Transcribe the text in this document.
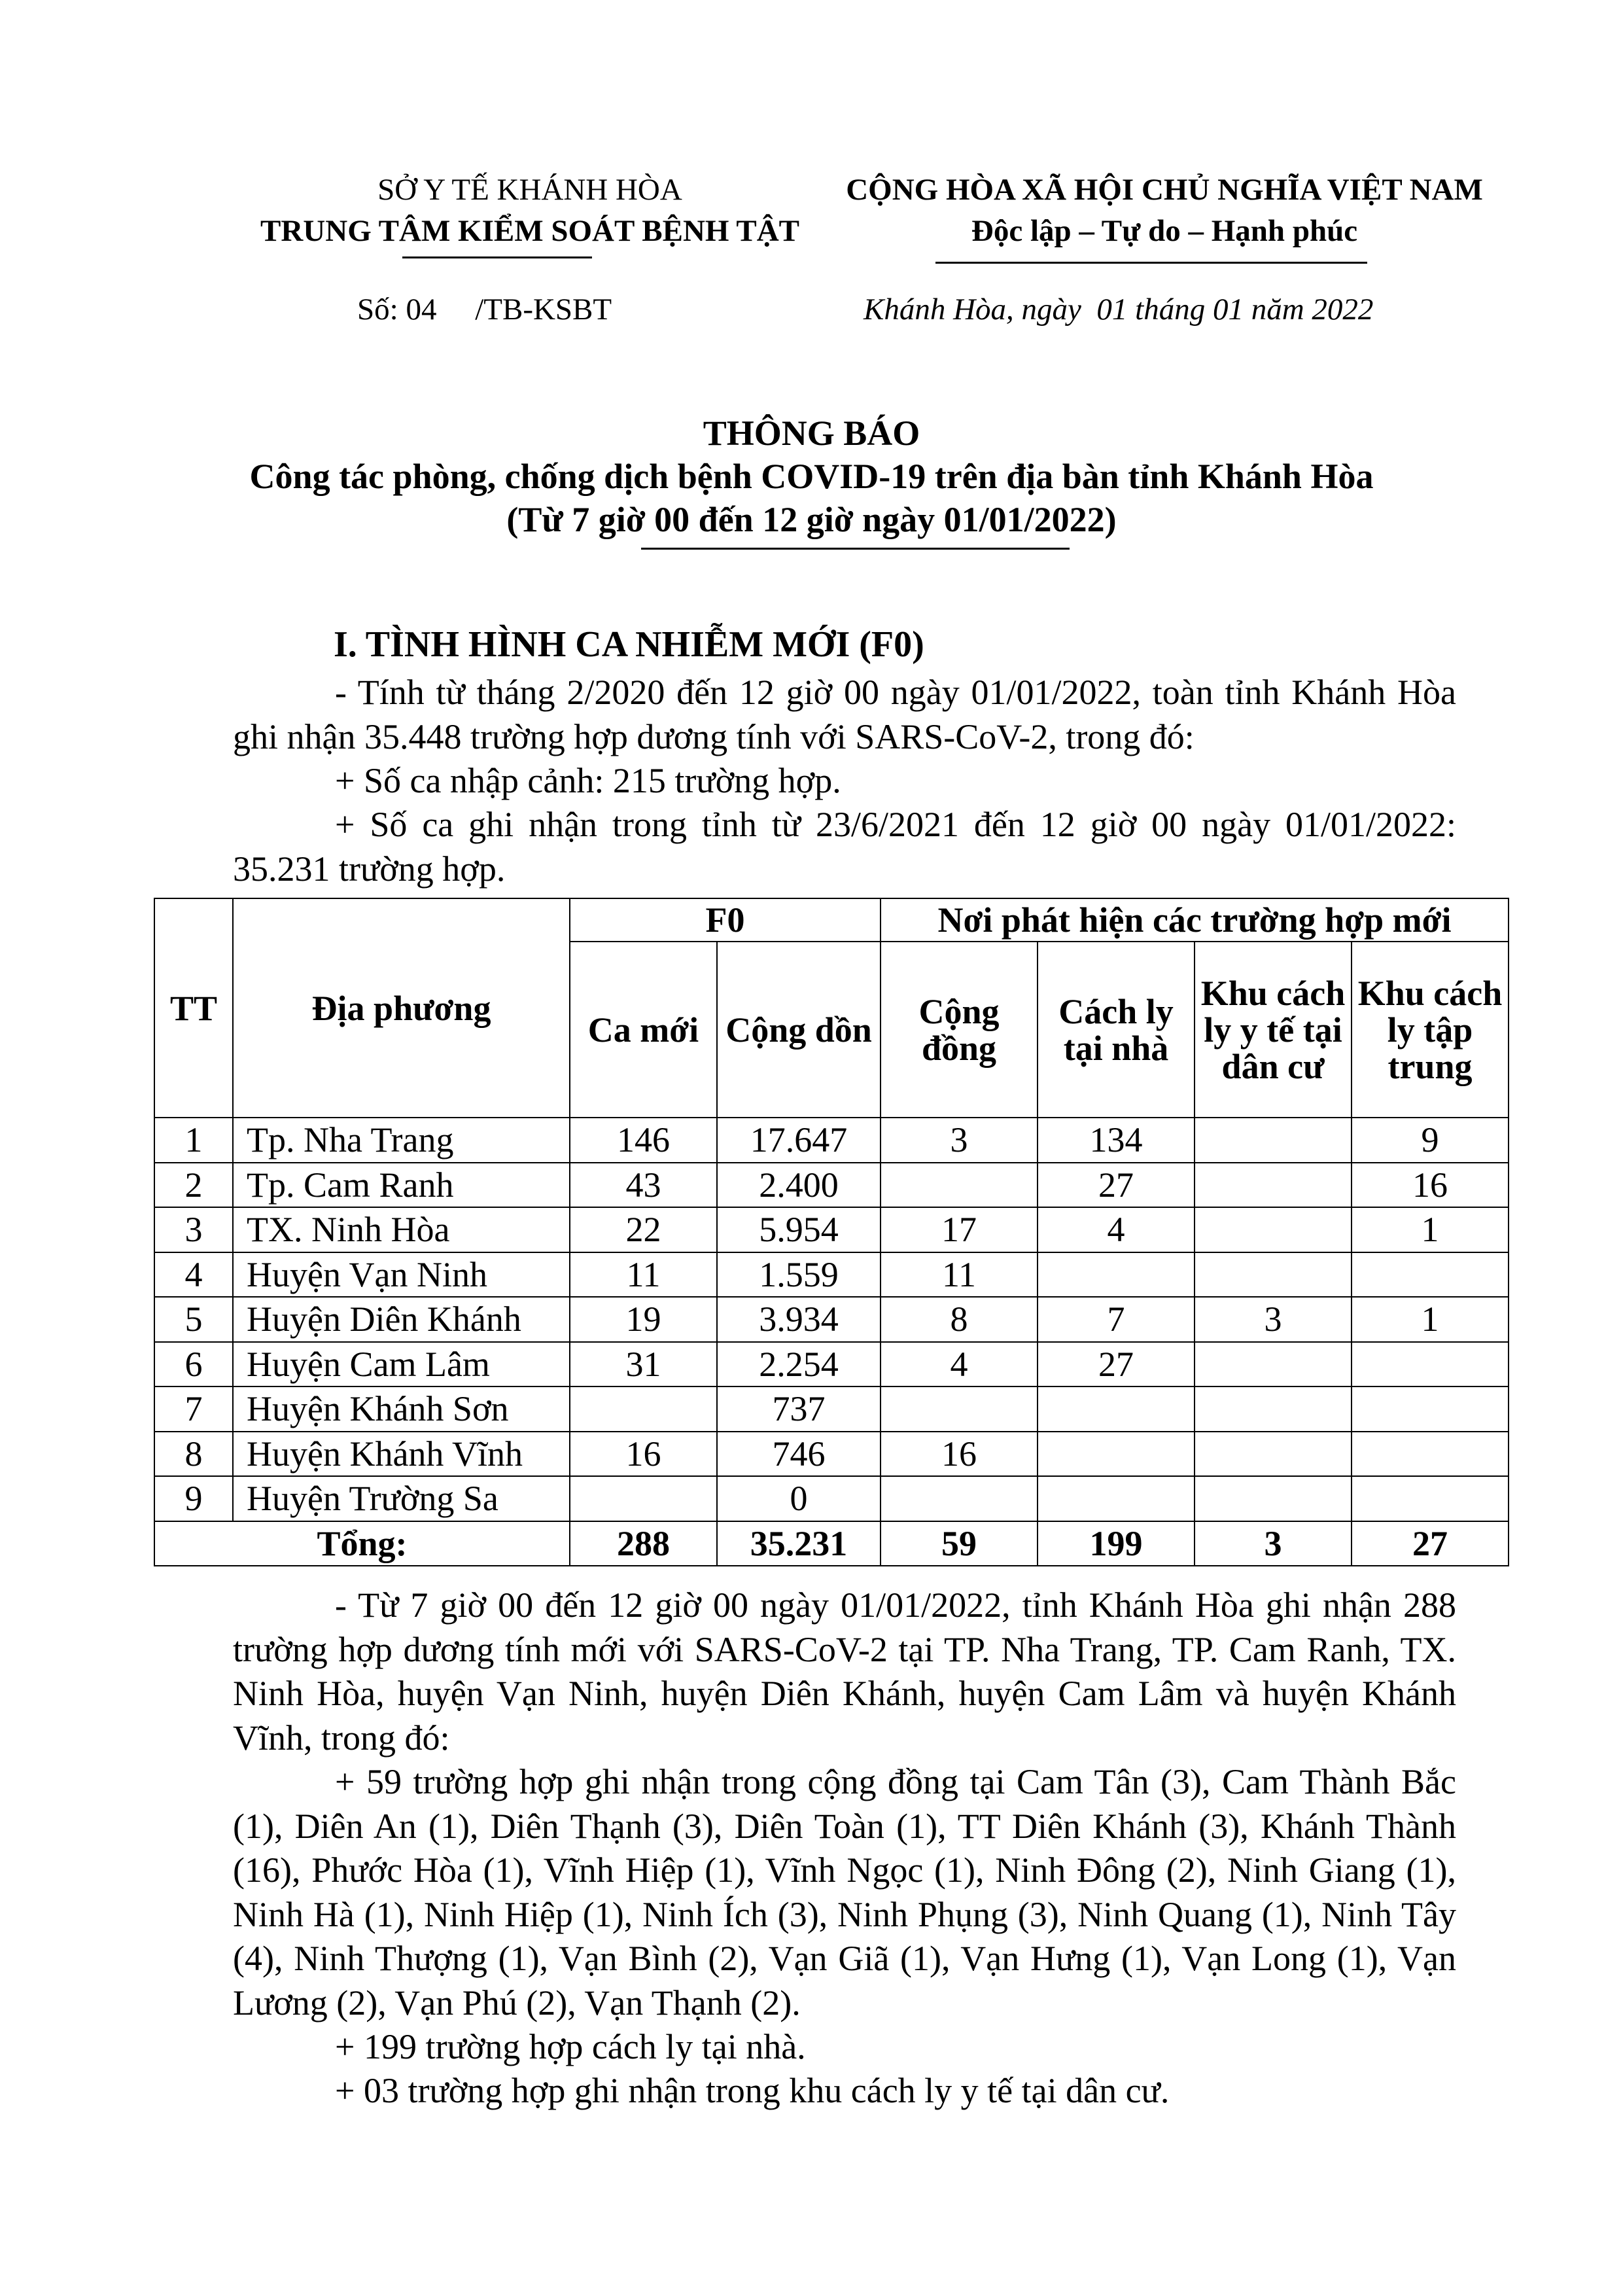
SỞ Y TẾ KHÁNH HÒA
TRUNG TÂM KIỂM SOÁT BỆNH TẬT
CỘNG HÒA XÃ HỘI CHỦ NGHĨA VIỆT NAM
Độc lập – Tự do – Hạnh phúc
Số: 04 /TB-KSBT	Khánh Hòa, ngày  01 tháng 01 năm 2022
THÔNG BÁO
Công tác phòng, chống dịch bệnh COVID-19 trên địa bàn tỉnh Khánh Hòa
(Từ 7 giờ 00 đến 12 giờ ngày 01/01/2022)
I. TÌNH HÌNH CA NHIỄM MỚI (F0)
- Tính từ tháng 2/2020 đến 12 giờ 00 ngày 01/01/2022, toàn tỉnh Khánh Hòa ghi nhận 35.448 trường hợp dương tính với SARS-CoV-2, trong đó:
+ Số ca nhập cảnh: 215 trường hợp.
+ Số ca ghi nhận trong tỉnh từ 23/6/2021 đến 12 giờ 00 ngày 01/01/2022: 35.231 trường hợp.
TT	Địa phương	F0		Nơi phát hiện các trường hợp mới			
		Ca mới	Cộng dồn	Cộng đồng	Cách ly tại nhà	Khu cách ly y tế tại dân cư	Khu cách ly tập trung
1	Tp. Nha Trang	146	17.647	3	134		9
2	Tp. Cam Ranh	43	2.400		27		16
3	TX. Ninh Hòa	22	5.954	17	4		1
4	Huyện Vạn Ninh	11	1.559	11			
5	Huyện Diên Khánh	19	3.934	8	7	3	1
6	Huyện Cam Lâm	31	2.254	4	27		
7	Huyện Khánh Sơn		737				
8	Huyện Khánh Vĩnh	16	746	16			
9	Huyện Trường Sa		0				
Tổng:		288	35.231	59	199	3	27
- Từ 7 giờ 00 đến 12 giờ 00 ngày 01/01/2022, tỉnh Khánh Hòa ghi nhận 288 trường hợp dương tính mới với SARS-CoV-2 tại TP. Nha Trang, TP. Cam Ranh, TX. Ninh Hòa, huyện Vạn Ninh, huyện Diên Khánh, huyện Cam Lâm và huyện Khánh Vĩnh, trong đó:
+ 59 trường hợp ghi nhận trong cộng đồng tại Cam Tân (3), Cam Thành Bắc (1), Diên An (1), Diên Thạnh (3), Diên Toàn (1), TT Diên Khánh (3), Khánh Thành (16), Phước Hòa (1), Vĩnh Hiệp (1), Vĩnh Ngọc (1), Ninh Đông (2), Ninh Giang (1), Ninh Hà (1), Ninh Hiệp (1), Ninh Ích (3), Ninh Phụng (3), Ninh Quang (1), Ninh Tây (4), Ninh Thượng (1), Vạn Bình (2), Vạn Giã (1), Vạn Hưng (1), Vạn Long (1), Vạn Lương (2), Vạn Phú (2), Vạn Thạnh (2).
+ 199 trường hợp cách ly tại nhà.
+ 03 trường hợp ghi nhận trong khu cách ly y tế tại dân cư.
